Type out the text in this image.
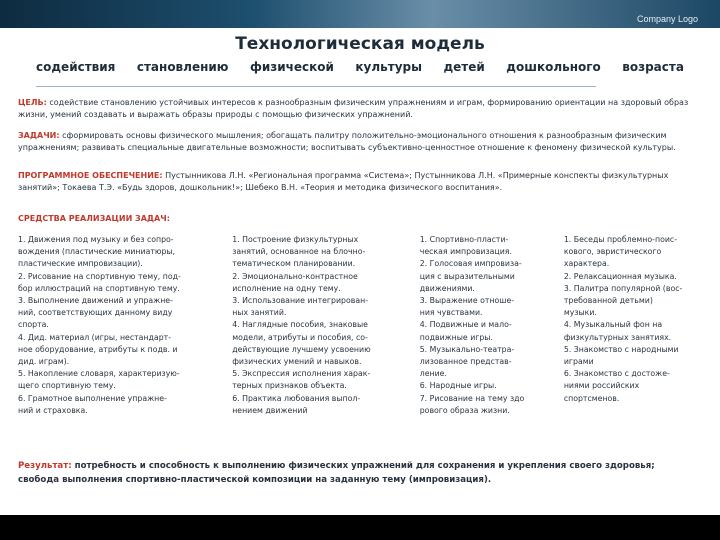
Company Logo
Технологическая модель
содействия становлению физической культуры детей дошкольного возраста
ЦЕЛЬ: содействие становлению устойчивых интересов к разнообразным физическим упражнениям и играм, формированию ориентации на здоровый образ жизни, умений создавать и выражать образы природы с помощью физических упражнений.
ЗАДАЧИ: сформировать основы физического мышления; обогащать палитру положительно-эмоционального отношения к разнообразным физическим упражнениям; развивать специальные двигательные возможности; воспитывать субъективно-ценностное отношение к феномену физической культуры.
ПРОГРАММНОЕ ОБЕСПЕЧЕНИЕ: Пустынникова Л.Н. «Региональная программа «Система»; Пустынникова Л.Н. «Примерные конспекты физкультурных занятий»; Токаева Т.Э. «Будь здоров, дошкольник!»; Шебеко В.Н. «Теория и методика физического воспитания».
СРЕДСТВА РЕАЛИЗАЦИИ ЗАДАЧ:
1. Движения под музыку и без сопро-
вождения (пластические миниатюры,
пластические импровизации).
2. Рисование на спортивную тему, под-
бор иллюстраций на спортивную тему.
3. Выполнение движений и упражне-
ний, соответствующих данному виду
спорта.
4. Дид. материал (игры, нестандарт-
ное оборудование, атрибуты к подв. и
дид. играм).
5. Накопление словаря, характеризую-
щего спортивную тему.
6. Грамотное выполнение упражне-
ний и страховка.
1. Построение физкультурных
занятий, основанное на блочно-
тематическом планировании.
2. Эмоционально-контрастное
исполнение на одну тему.
3. Использование интегрирован-
ных занятий.
4. Наглядные пособия, знаковые
модели, атрибуты и пособия, со-
действующие лучшему усвоению
физических умений и навыков.
5. Экспрессия исполнения харак-
терных признаков объекта.
6. Практика любования выпол-
нением движений
1. Спортивно-пласти-
ческая импровизация.
2. Голосовая импровиза-
ция с выразительными
движениями.
3. Выражение отноше-
ния чувствами.
4. Подвижные и мало-
подвижные игры.
5. Музыкально-театра-
лизованное представ-
ление.
6. Народные игры.
7. Рисование на тему здо
рового образа жизни.
1. Беседы проблемно-поис-
кового, эвристического
характера.
2. Релаксационная музыка.
3. Палитра популярной (вос-
требованной детьми)
музыки.
4. Музыкальный фон на
физкультурных занятиях.
5. Знакомство с народными
играми
6. Знакомство с достоже-
ниями российских
спортсменов.
Результат: потребность и способность к выполнению физических упражнений для сохранения и укрепления своего здоровья; свобода выполнения спортивно-пластической композиции на заданную тему (импровизация).
